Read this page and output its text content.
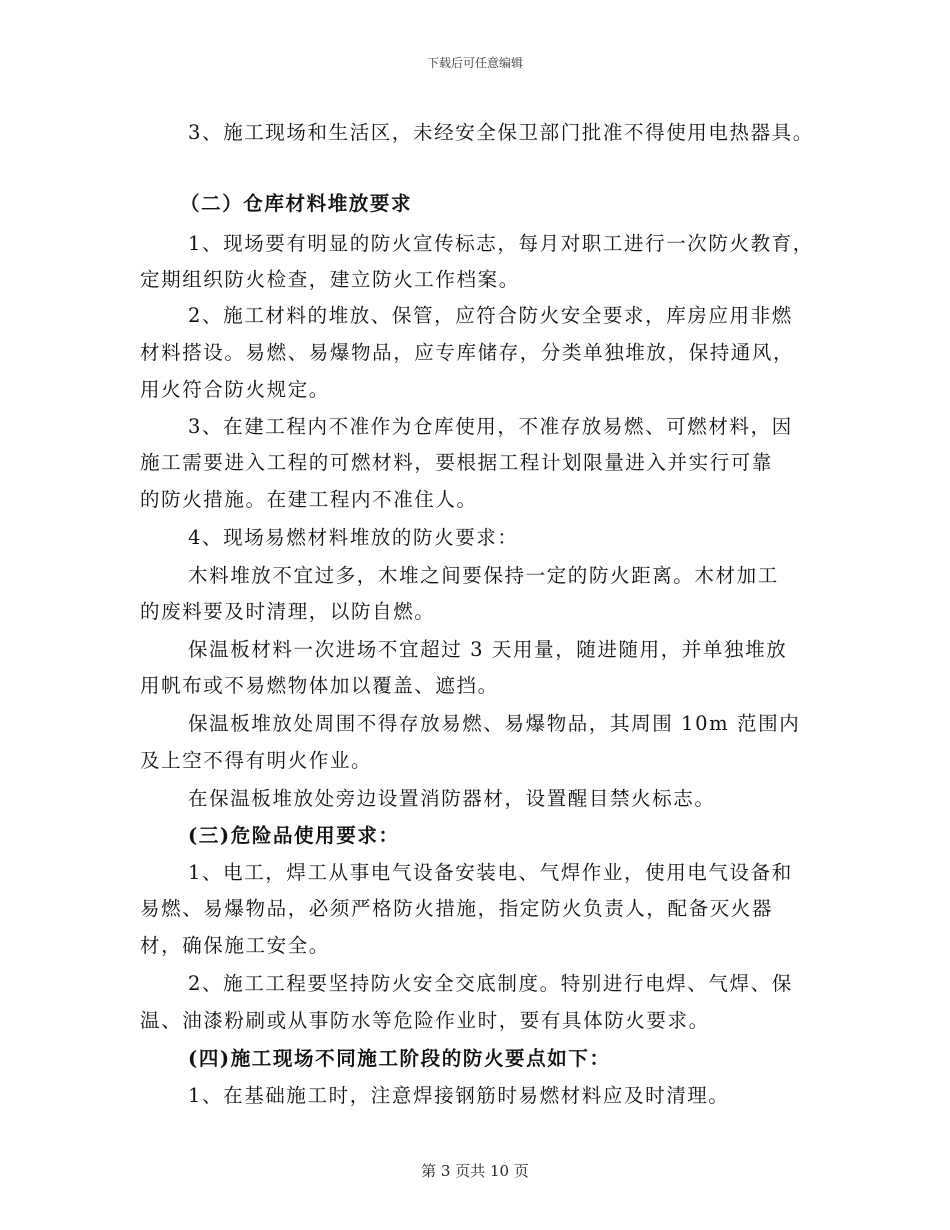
下载后可任意编辑
3、施工现场和生活区，未经安全保卫部门批准不得使用电热器具。
（二）仓库材料堆放要求
1、现场要有明显的防火宣传标志，每月对职工进行一次防火教育，
定期组织防火检查，建立防火工作档案。
2、施工材料的堆放、保管，应符合防火安全要求，库房应用非燃
材料搭设。易燃、易爆物品，应专库储存，分类单独堆放，保持通风，
用火符合防火规定。
3、在建工程内不准作为仓库使用，不准存放易燃、可燃材料，因
施工需要进入工程的可燃材料，要根据工程计划限量进入并实行可靠
的防火措施。在建工程内不准住人。
4、现场易燃材料堆放的防火要求：
木料堆放不宜过多，木堆之间要保持一定的防火距离。木材加工
的废料要及时清理，以防自燃。
保温板材料一次进场不宜超过 3 天用量，随进随用，并单独堆放
用帆布或不易燃物体加以覆盖、遮挡。
保温板堆放处周围不得存放易燃、易爆物品，其周围 10m 范围内
及上空不得有明火作业。
在保温板堆放处旁边设置消防器材，设置醒目禁火标志。
(三)危险品使用要求：
1、电工，焊工从事电气设备安装电、气焊作业，使用电气设备和
易燃、易爆物品，必须严格防火措施，指定防火负责人，配备灭火器
材，确保施工安全。
2、施工工程要坚持防火安全交底制度。特别进行电焊、气焊、保
温、油漆粉刷或从事防水等危险作业时，要有具体防火要求。
(四)施工现场不同施工阶段的防火要点如下：
1、在基础施工时，注意焊接钢筋时易燃材料应及时清理。
第 3 页共 10 页
